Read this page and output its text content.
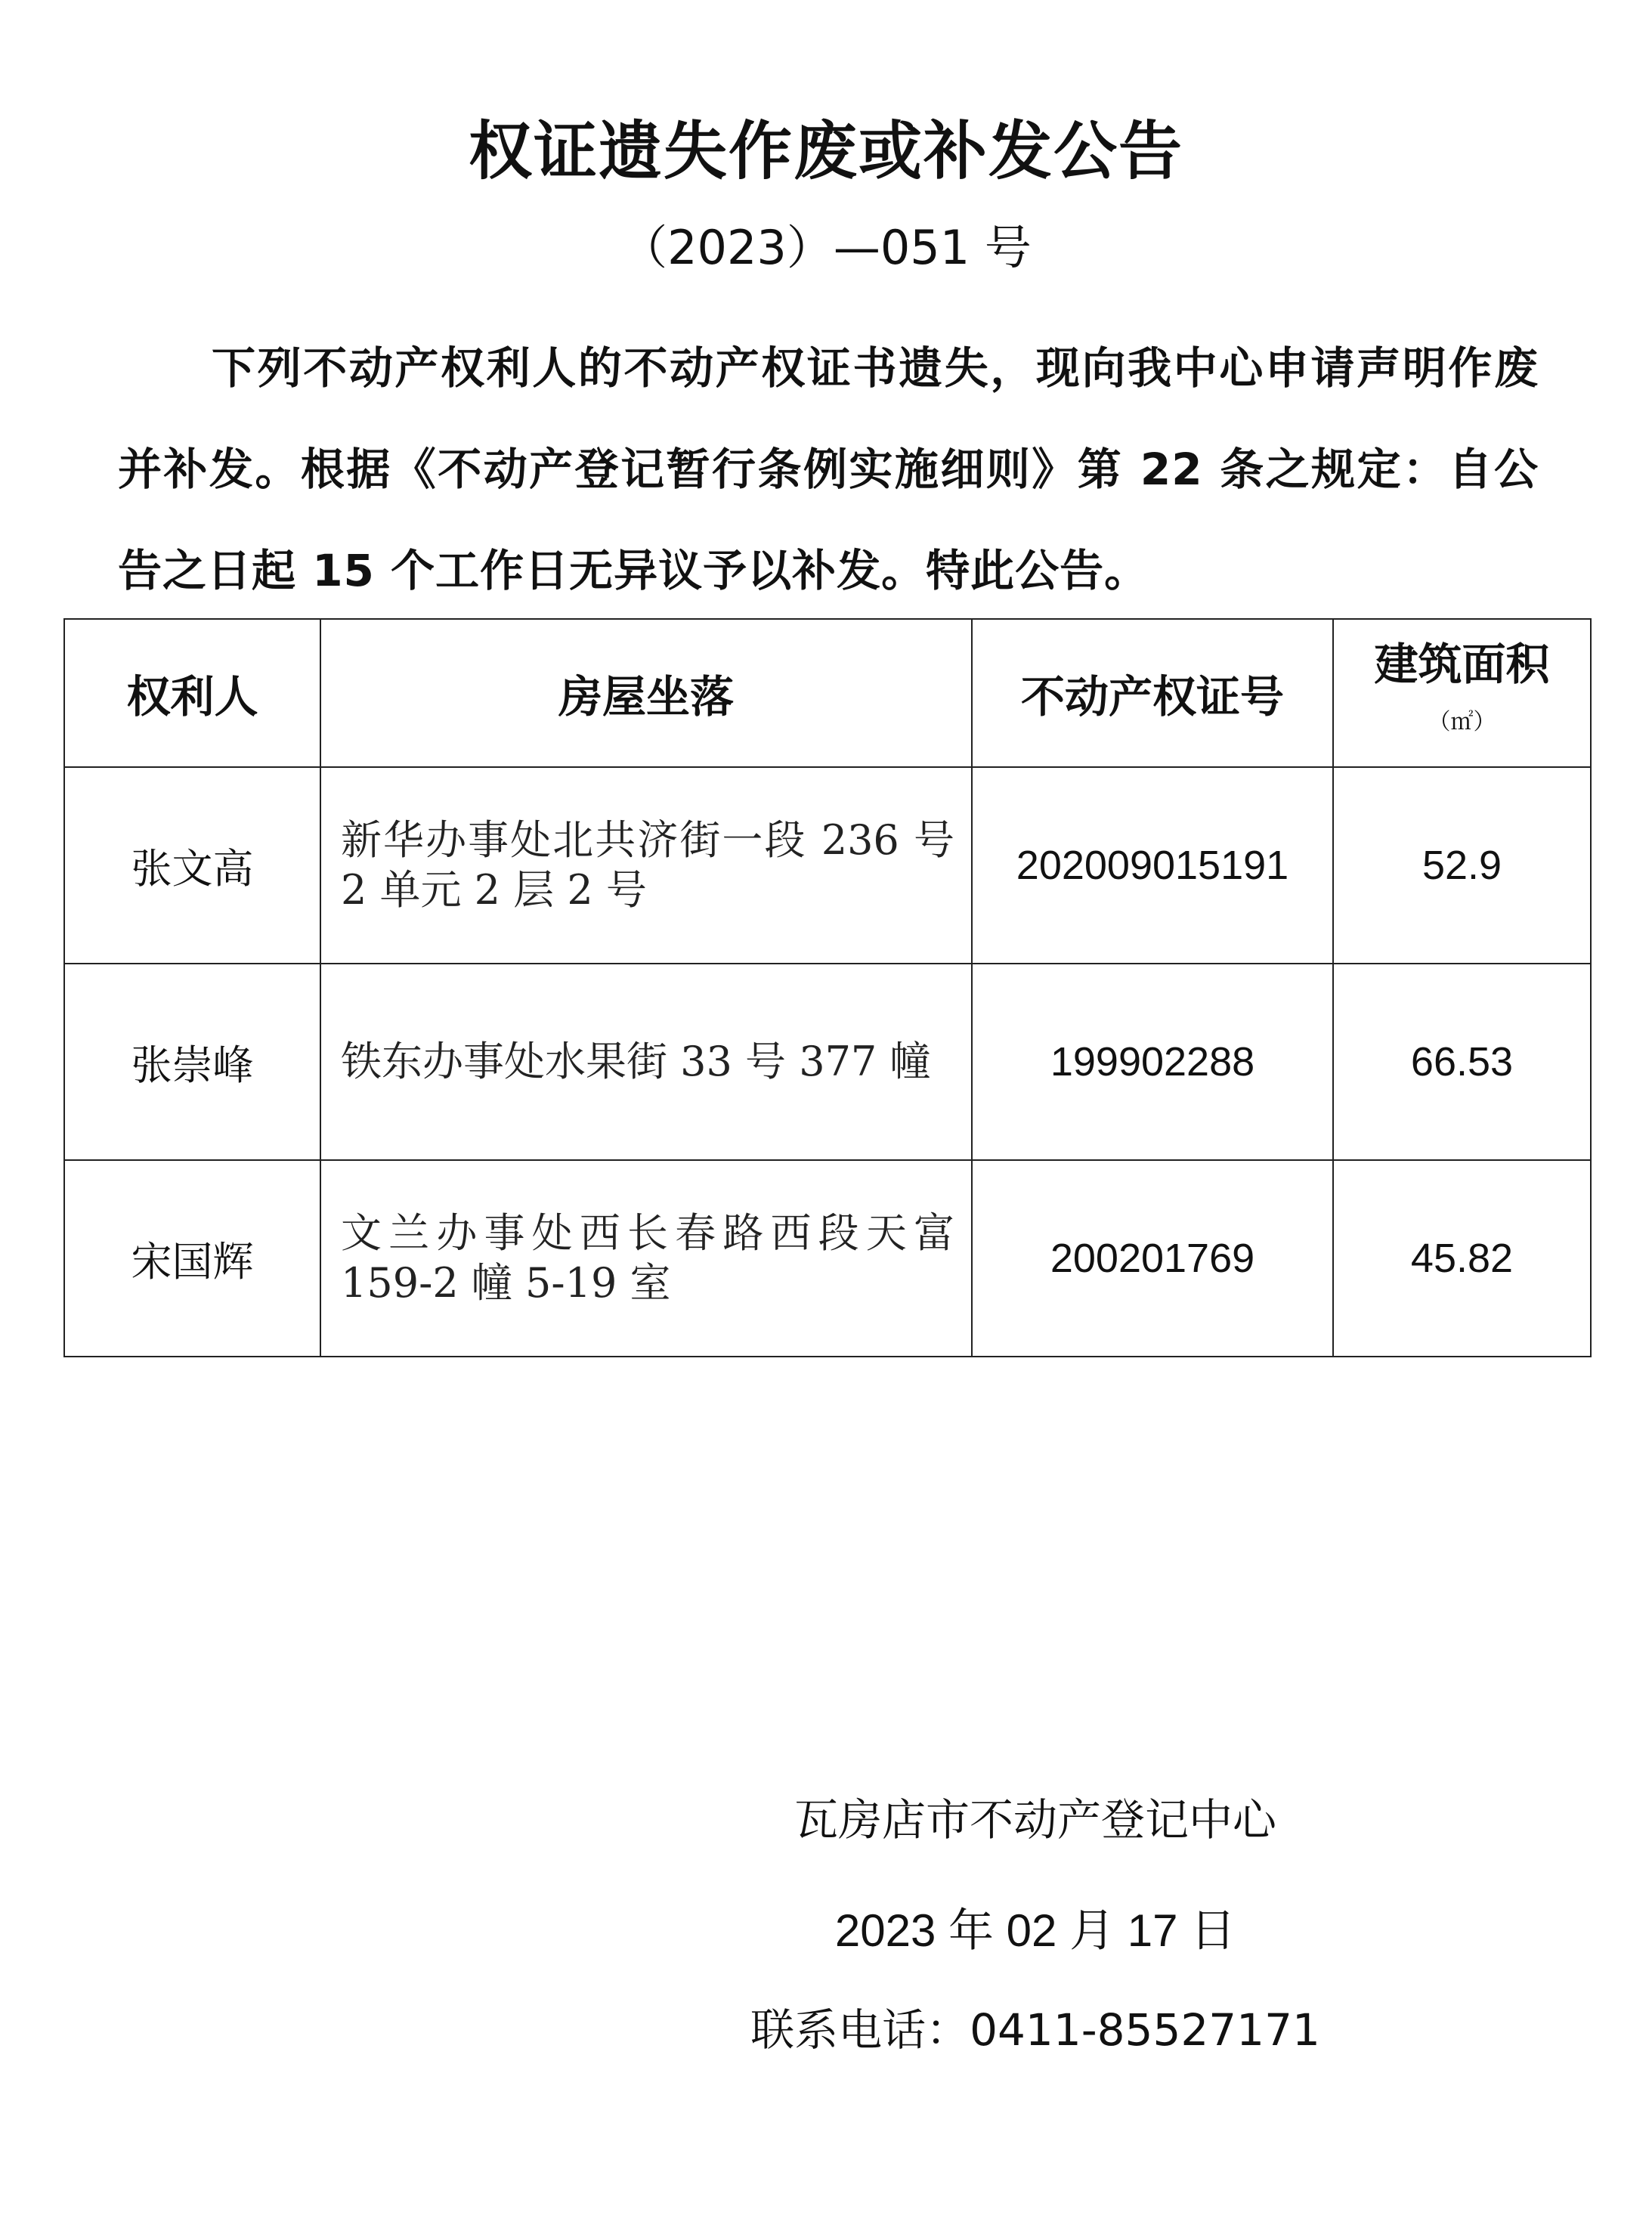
权证遗失作废或补发公告
（2023）—051 号
下列不动产权利人的不动产权证书遗失，现向我中心申请声明作废并补发。根据《不动产登记暂行条例实施细则》第 22 条之规定：自公告之日起 15 个工作日无异议予以补发。特此公告。
权利人	房屋坐落	不动产权证号	建筑面积
（㎡）

张文高	新华办事处北共济街一段 236 号 2 单元 2 层 2 号	202009015191	52.9
张崇峰	铁东办事处水果街 33 号 377 幢	199902288	66.53
宋国辉	文兰办事处西长春路西段天富 159-2 幢 5-19 室	200201769	45.82
瓦房店市不动产登记中心
2023 年 02 月 17 日
联系电话：0411-85527171
